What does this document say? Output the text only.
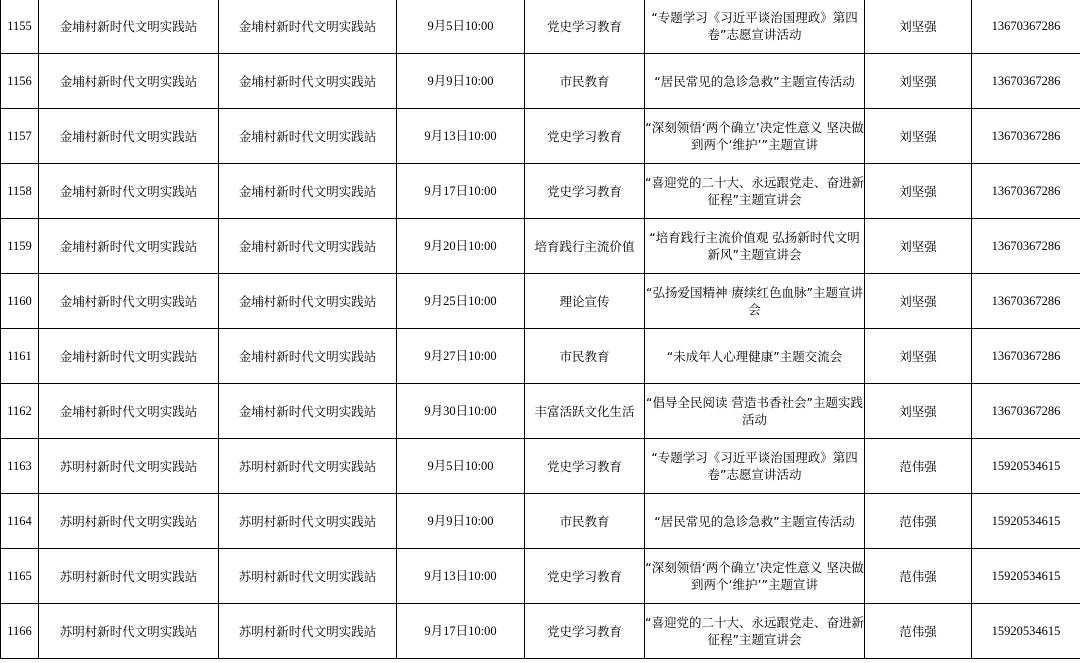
1155	金埔村新时代文明实践站	金埔村新时代文明实践站	9月5日10:00	党史学习教育	“专题学习《习近平谈治国理政》第四卷”志愿宣讲活动	刘坚强	13670367286
1156	金埔村新时代文明实践站	金埔村新时代文明实践站	9月9日10:00	市民教育	“居民常见的急诊急救”主题宣传活动	刘坚强	13670367286
1157	金埔村新时代文明实践站	金埔村新时代文明实践站	9月13日10:00	党史学习教育	“深刻领悟‘两个确立’决定性意义 坚决做到两个‘维护’”主题宣讲	刘坚强	13670367286
1158	金埔村新时代文明实践站	金埔村新时代文明实践站	9月17日10:00	党史学习教育	“喜迎党的二十大、永远跟党走、奋进新征程”主题宣讲会	刘坚强	13670367286
1159	金埔村新时代文明实践站	金埔村新时代文明实践站	9月20日10:00	培育践行主流价值	“培育践行主流价值观 弘扬新时代文明新风”主题宣讲会	刘坚强	13670367286
1160	金埔村新时代文明实践站	金埔村新时代文明实践站	9月25日10:00	理论宣传	“弘扬爱国精神 赓续红色血脉”主题宣讲会	刘坚强	13670367286
1161	金埔村新时代文明实践站	金埔村新时代文明实践站	9月27日10:00	市民教育	“未成年人心理健康”主题交流会	刘坚强	13670367286
1162	金埔村新时代文明实践站	金埔村新时代文明实践站	9月30日10:00	丰富活跃文化生活	“倡导全民阅读 营造书香社会”主题实践活动	刘坚强	13670367286
1163	苏明村新时代文明实践站	苏明村新时代文明实践站	9月5日10:00	党史学习教育	“专题学习《习近平谈治国理政》第四卷”志愿宣讲活动	范伟强	15920534615
1164	苏明村新时代文明实践站	苏明村新时代文明实践站	9月9日10:00	市民教育	“居民常见的急诊急救”主题宣传活动	范伟强	15920534615
1165	苏明村新时代文明实践站	苏明村新时代文明实践站	9月13日10:00	党史学习教育	“深刻领悟‘两个确立’决定性意义 坚决做到两个‘维护’”主题宣讲	范伟强	15920534615
1166	苏明村新时代文明实践站	苏明村新时代文明实践站	9月17日10:00	党史学习教育	“喜迎党的二十大、永远跟党走、奋进新征程”主题宣讲会	范伟强	15920534615
